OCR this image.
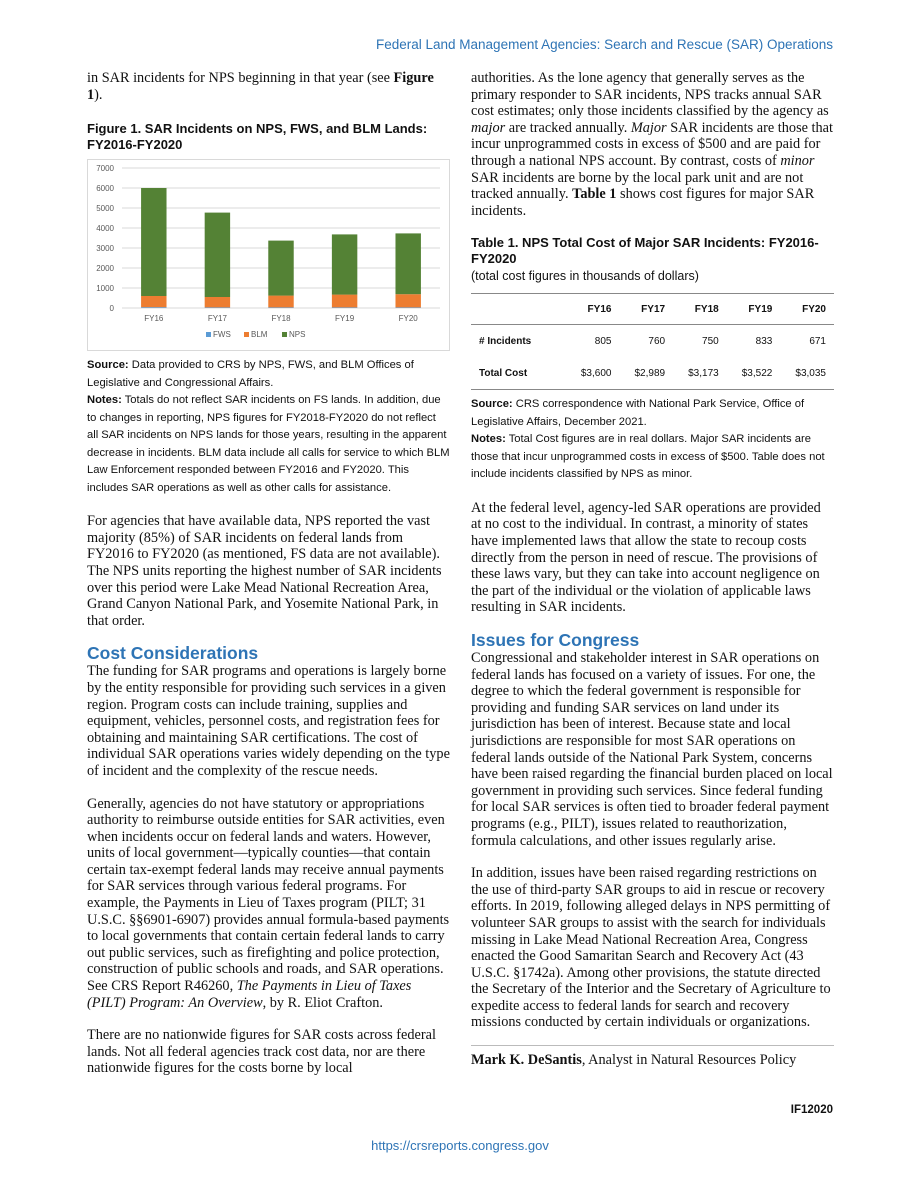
Federal Land Management Agencies: Search and Rescue (SAR) Operations

in SAR incidents for NPS beginning in that year (see Figure 1).

Figure 1. SAR Incidents on NPS, FWS, and BLM Lands: FY2016-FY2020

0
1000
2000
3000
4000
5000
6000
7000
FY16	FY17	FY18	FY19	FY20
FWS	BLM	NPS

Source: Data provided to CRS by NPS, FWS, and BLM Offices of Legislative and Congressional Affairs.

Notes: Totals do not reflect SAR incidents on FS lands. In addition, due to changes in reporting, NPS figures for FY2018-FY2020 do not reflect all SAR incidents on NPS lands for those years, resulting in the apparent decrease in incidents. BLM data include all calls for service to which BLM Law Enforcement responded between FY2016 and FY2020. This includes SAR operations as well as other calls for assistance.

For agencies that have available data, NPS reported the vast majority (85%) of SAR incidents on federal lands from FY2016 to FY2020 (as mentioned, FS data are not available). The NPS units reporting the highest number of SAR incidents over this period were Lake Mead National Recreation Area, Grand Canyon National Park, and Yosemite National Park, in that order.

Cost Considerations

The funding for SAR programs and operations is largely borne by the entity responsible for providing such services in a given region. Program costs can include training, supplies and equipment, vehicles, personnel costs, and registration fees for obtaining and maintaining SAR certifications. The cost of individual SAR operations varies widely depending on the type of incident and the complexity of the rescue needs.

Generally, agencies do not have statutory or appropriations authority to reimburse outside entities for SAR activities, even when incidents occur on federal lands and waters. However, units of local government—typically counties—that contain certain tax-exempt federal lands may receive annual payments for SAR services through various federal programs. For example, the Payments in Lieu of Taxes program (PILT; 31 U.S.C. §§6901-6907) provides annual formula-based payments to local governments that contain certain federal lands to carry out public services, such as firefighting and police protection, construction of public schools and roads, and SAR operations. See CRS Report R46260, The Payments in Lieu of Taxes (PILT) Program: An Overview, by R. Eliot Crafton.

There are no nationwide figures for SAR costs across federal lands. Not all federal agencies track cost data, nor are there nationwide figures for the costs borne by local

authorities. As the lone agency that generally serves as the primary responder to SAR incidents, NPS tracks annual SAR cost estimates; only those incidents classified by the agency as major are tracked annually. Major SAR incidents are those that incur unprogrammed costs in excess of $500 and are paid for through a national NPS account. By contrast, costs of minor SAR incidents are borne by the local park unit and are not tracked annually. Table 1 shows cost figures for major SAR incidents.

Table 1. NPS Total Cost of Major SAR Incidents: FY2016-FY2020

(total cost figures in thousands of dollars)

	FY16	FY17	FY18	FY19	FY20
# Incidents	805	760	750	833	671
Total Cost	$3,600	$2,989	$3,173	$3,522	$3,035

Source: CRS correspondence with National Park Service, Office of Legislative Affairs, December 2021.

Notes: Total Cost figures are in real dollars. Major SAR incidents are those that incur unprogrammed costs in excess of $500. Table does not include incidents classified by NPS as minor.

At the federal level, agency-led SAR operations are provided at no cost to the individual. In contrast, a minority of states have implemented laws that allow the state to recoup costs directly from the person in need of rescue. The provisions of these laws vary, but they can take into account negligence on the part of the individual or the violation of applicable laws resulting in SAR incidents.

Issues for Congress

Congressional and stakeholder interest in SAR operations on federal lands has focused on a variety of issues. For one, the degree to which the federal government is responsible for providing and funding SAR services on land under its jurisdiction has been of interest. Because state and local jurisdictions are responsible for most SAR operations on federal lands outside of the National Park System, concerns have been raised regarding the financial burden placed on local government in providing such services. Since federal funding for local SAR services is often tied to broader federal payment programs (e.g., PILT), issues related to reauthorization, formula calculations, and other issues regularly arise.

In addition, issues have been raised regarding restrictions on the use of third-party SAR groups to aid in rescue or recovery efforts. In 2019, following alleged delays in NPS permitting of volunteer SAR groups to assist with the search for individuals missing in Lake Mead National Recreation Area, Congress enacted the Good Samaritan Search and Recovery Act (43 U.S.C. §1742a). Among other provisions, the statute directed the Secretary of the Interior and the Secretary of Agriculture to expedite access to federal lands for search and recovery missions conducted by certain individuals or organizations.

Mark K. DeSantis, Analyst in Natural Resources Policy

IF12020
https://crsreports.congress.gov
